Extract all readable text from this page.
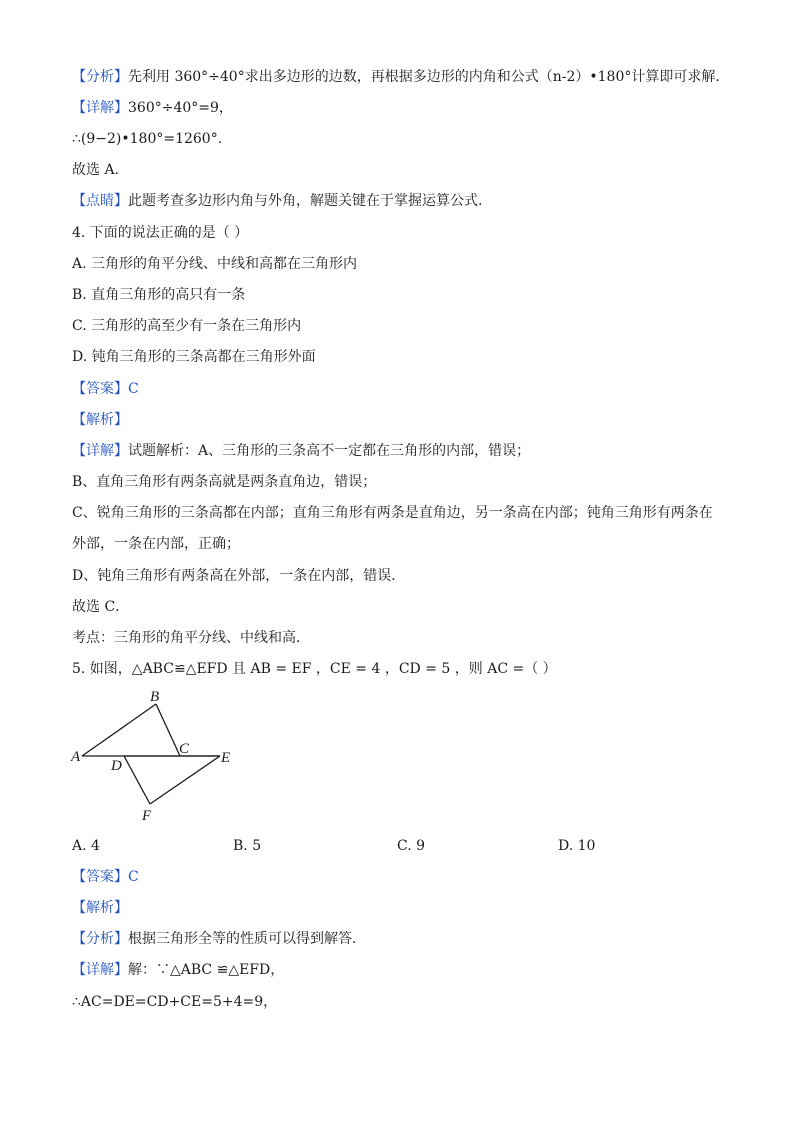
【分析】先利用 360°÷40°求出多边形的边数，再根据多边形的内角和公式（n-2）•180°计算即可求解．
【详解】360°÷40°=9，
∴(9−2)•180°=1260°.
故选 A.
【点睛】此题考查多边形内角与外角，解题关键在于掌握运算公式.
4. 下面的说法正确的是（ ）
A. 三角形的角平分线、中线和高都在三角形内
B. 直角三角形的高只有一条
C. 三角形的高至少有一条在三角形内
D. 钝角三角形的三条高都在三角形外面
【答案】C
【解析】
【详解】试题解析：A、三角形的三条高不一定都在三角形的内部，错误；
B、直角三角形有两条高就是两条直角边，错误；
C、锐角三角形的三条高都在内部；直角三角形有两条是直角边，另一条高在内部；钝角三角形有两条在
外部，一条在内部，正确；
D、钝角三角形有两条高在外部，一条在内部，错误．
故选 C．
考点：三角形的角平分线、中线和高．
5. 如图，△ABC≌△EFD 且 AB = EF ，CE = 4 ，CD = 5 ，则 AC =（ ）
A
B
C
D	E
F
A. 4	B. 5	C. 9	D. 10
【答案】C
【解析】
【分析】根据三角形全等的性质可以得到解答．
【详解】解：∵△ABC ≌△EFD，
∴AC=DE=CD+CE=5+4=9，
